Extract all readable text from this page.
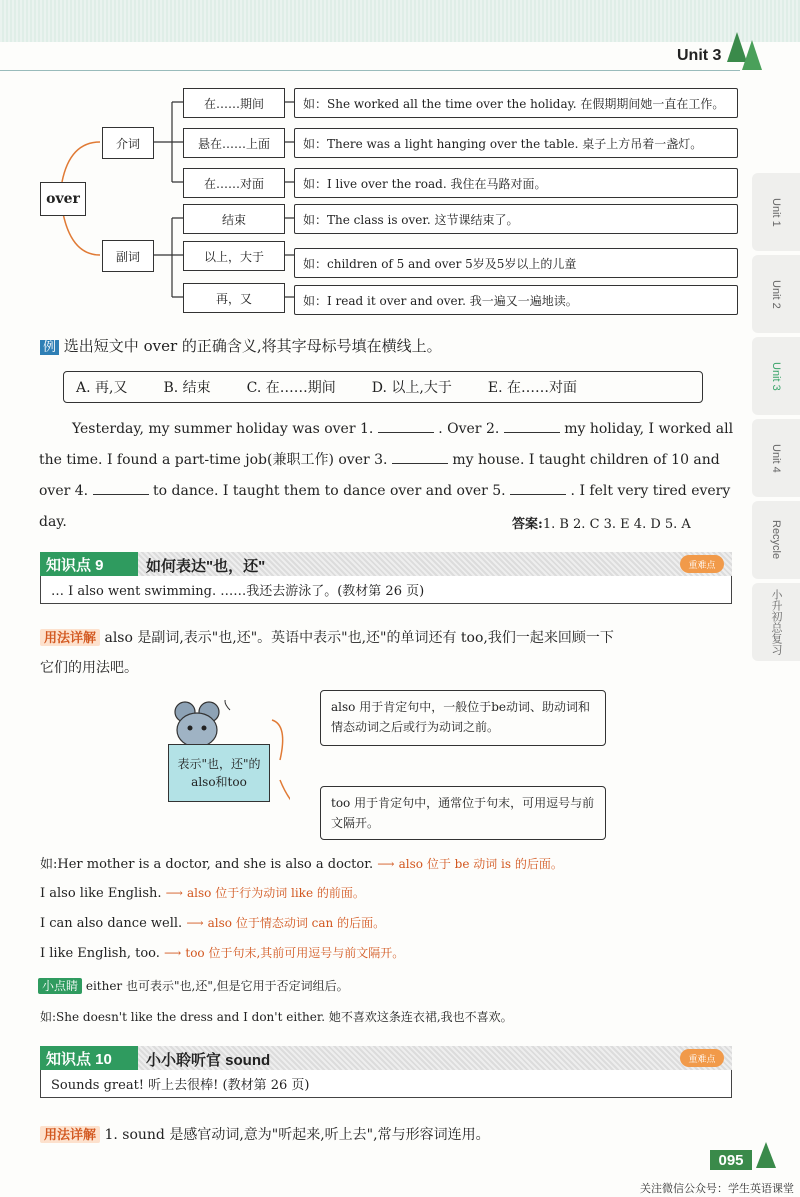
Unit 3
Unit 1
Unit 2
Unit 3
Unit 4
Recycle
小升初总复习
over
介词
副词
在……期间
悬在……上面
在……对面
结束
以上，大于
再，又
如：She worked all the time over the holiday. 在假期期间她一直在工作。
如：There was a light hanging over the table. 桌子上方吊着一盏灯。
如：I live over the road. 我住在马路对面。
如：The class is over. 这节课结束了。
如：children of 5 and over 5岁及5岁以上的儿童
如：I read it over and over. 我一遍又一遍地读。
例 选出短文中 over 的正确含义,将其字母标号填在横线上。
A. 再,又	B. 结束	C. 在……期间	D. 以上,大于	E. 在……对面
Yesterday, my summer holiday was over 1.	. Over 2.	my holiday, I worked all
the time. I found a part-time job(兼职工作) over 3.	my house. I taught children of 10 and
over 4.	to dance. I taught them to dance over and over 5.	. I felt very tired every
day.	答案:1. B 2. C 3. E 4. D 5. A
知识点 9	如何表达"也，还"	重难点
… I also went swimming. ……我还去游泳了。(教材第 26 页)
用法详解 also 是副词,表示"也,还"。英语中表示"也,还"的单词还有 too,我们一起来回顾一下
它们的用法吧。
表示"也，还"的also和too
also 用于肯定句中，一般位于be动词、助动词和情态动词之后或行为动词之前。
too 用于肯定句中，通常位于句末，可用逗号与前文隔开。
如:Her mother is a doctor, and she is also a doctor. ⟶ also 位于 be 动词 is 的后面。
I also like English. ⟶ also 位于行为动词 like 的前面。
I can also dance well. ⟶ also 位于情态动词 can 的后面。
I like English, too. ⟶ too 位于句末,其前可用逗号与前文隔开。
小点睛 either 也可表示"也,还",但是它用于否定词组后。
如:She doesn't like the dress and I don't either. 她不喜欢这条连衣裙,我也不喜欢。
知识点 10	小小聆听官 sound	重难点
Sounds great! 听上去很棒! (教材第 26 页)
用法详解 1. sound 是感官动词,意为"听起来,听上去",常与形容词连用。
095
关注微信公众号：学生英语课堂
